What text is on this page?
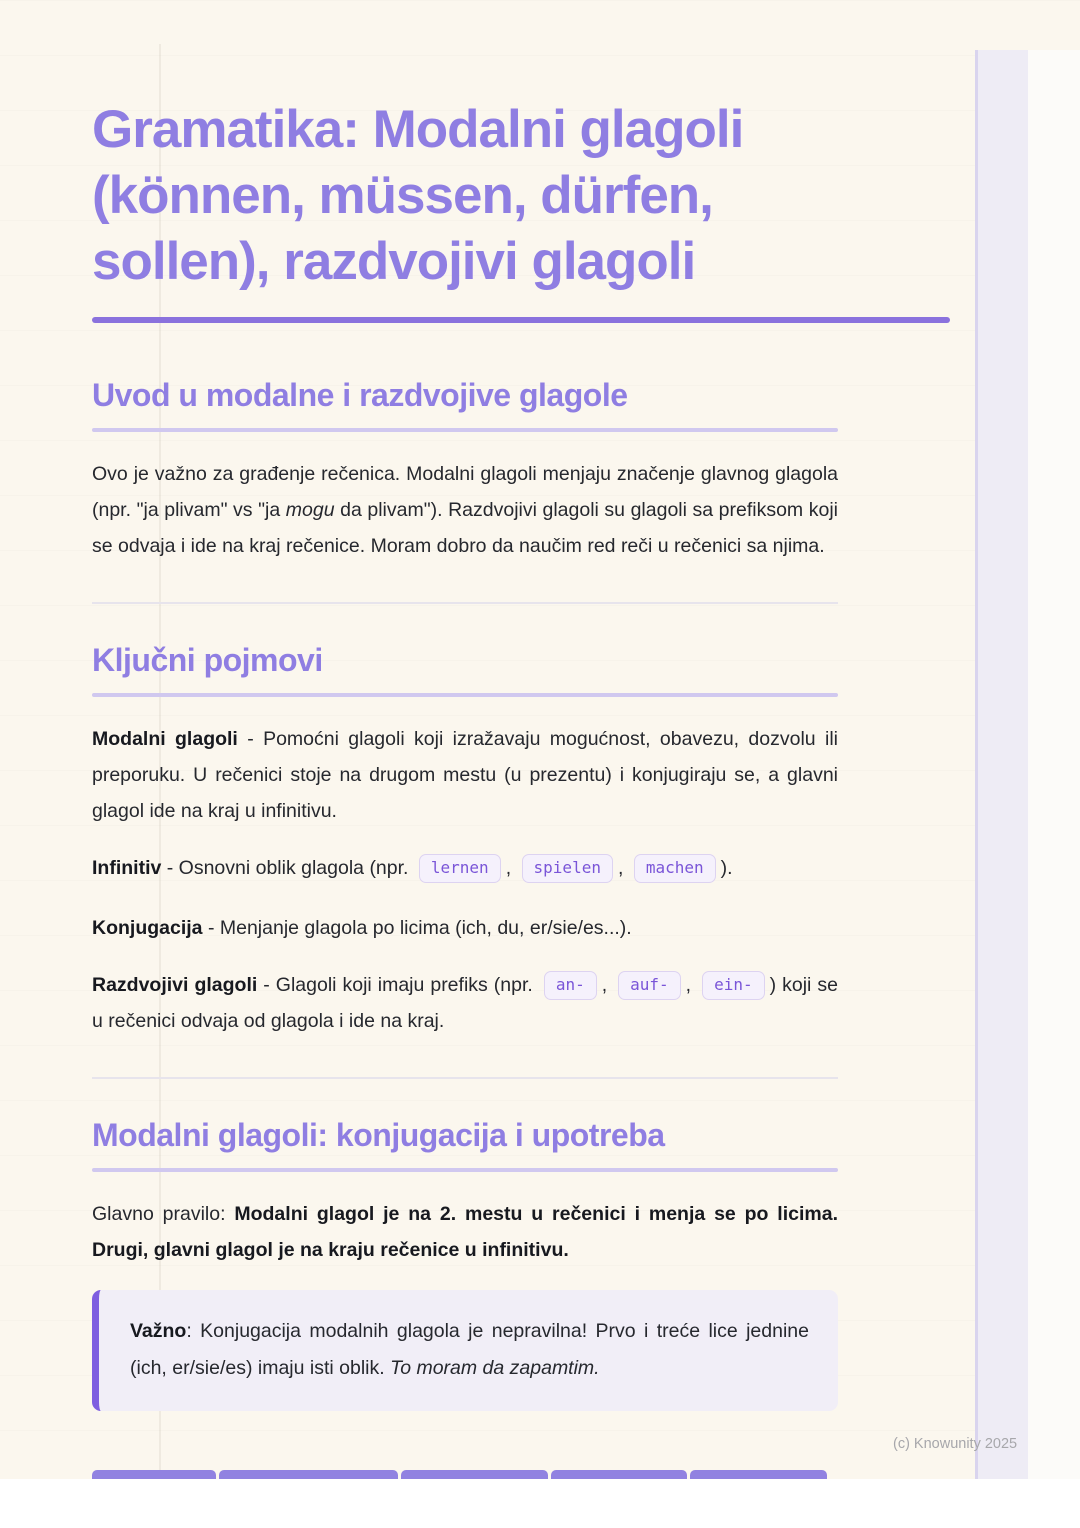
Gramatika: Modalni glagoli
(können, müssen, dürfen,
sollen), razdvojivi glagoli
Uvod u modalne i razdvojive glagole

Ovo je važno za građenje rečenica. Modalni glagoli menjaju značenje glavnog glagola (npr. "ja plivam" vs "ja mogu da plivam"). Razdvojivi glagoli su glagoli sa prefiksom koji se odvaja i ide na kraj rečenice. Moram dobro da naučim red reči u rečenici sa njima.

Ključni pojmovi

Modalni glagoli - Pomoćni glagoli koji izražavaju mogućnost, obavezu, dozvolu ili preporuku. U rečenici stoje na drugom mestu (u prezentu) i konjugiraju se, a glavni glagol ide na kraj u infinitivu.

Infinitiv - Osnovni oblik glagola (npr. lernen , spielen , machen ).

Konjugacija - Menjanje glagola po licima (ich, du, er/sie/es...).

Razdvojivi glagoli - Glagoli koji imaju prefiks (npr. an- , auf- , ein- ) koji se u rečenici odvaja od glagola i ide na kraj.

Modalni glagoli: konjugacija i upotreba

Glavno pravilo: Modalni glagol je na 2. mestu u rečenici i menja se po licima. Drugi, glavni glagol je na kraju rečenice u infinitivu.

Važno: Konjugacija modalnih glagola je nepravilna! Prvo i treće lice jednine (ich, er/sie/es) imaju isti oblik. To moram da zapamtim.

(c) Knowunity 2025
